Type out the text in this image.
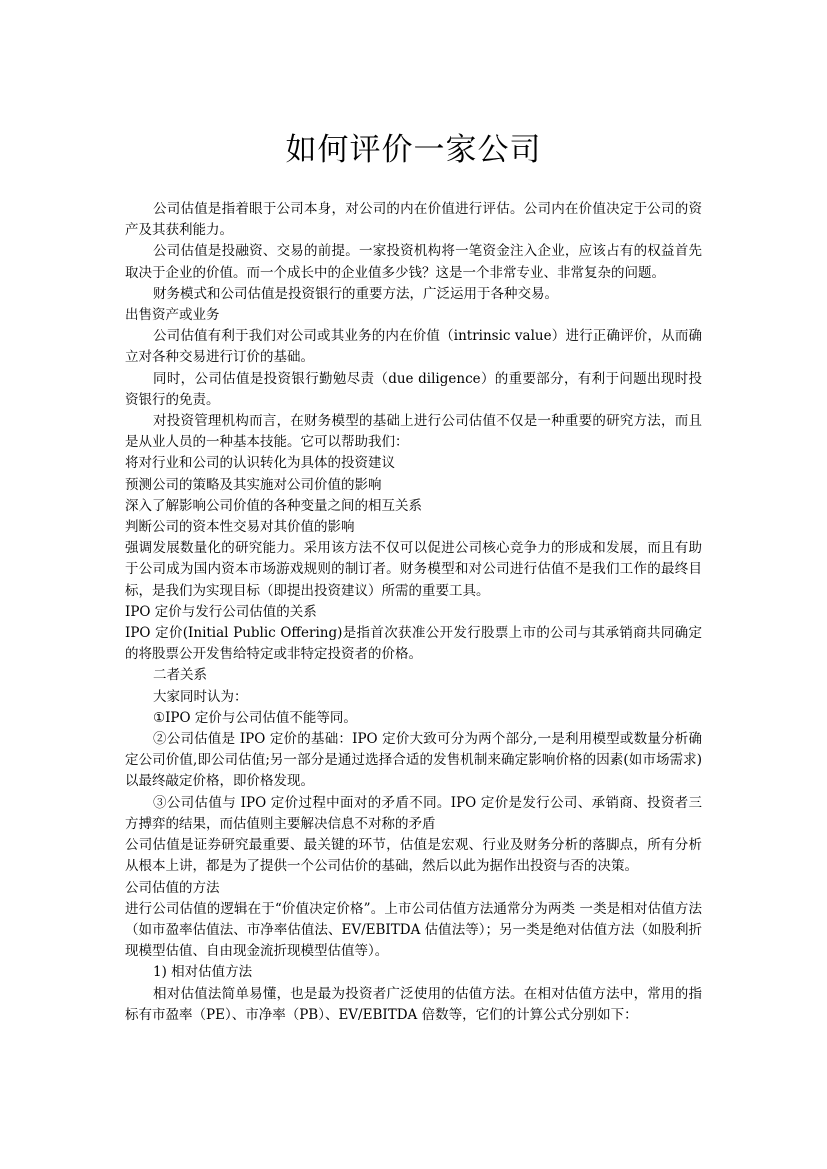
如何评价一家公司

公司估值是指着眼于公司本身，对公司的内在价值进行评估。公司内在价值决定于公司的资产及其获利能力。

公司估值是投融资、交易的前提。一家投资机构将一笔资金注入企业，应该占有的权益首先取决于企业的价值。而一个成长中的企业值多少钱？这是一个非常专业、非常复杂的问题。

财务模式和公司估值是投资银行的重要方法，广泛运用于各种交易。

出售资产或业务

公司估值有利于我们对公司或其业务的内在价值（intrinsic value）进行正确评价，从而确立对各种交易进行订价的基础。

同时，公司估值是投资银行勤勉尽责（due diligence）的重要部分，有利于问题出现时投资银行的免责。

对投资管理机构而言，在财务模型的基础上进行公司估值不仅是一种重要的研究方法，而且是从业人员的一种基本技能。它可以帮助我们：

将对行业和公司的认识转化为具体的投资建议

预测公司的策略及其实施对公司价值的影响

深入了解影响公司价值的各种变量之间的相互关系

判断公司的资本性交易对其价值的影响

强调发展数量化的研究能力。采用该方法不仅可以促进公司核心竞争力的形成和发展，而且有助于公司成为国内资本市场游戏规则的制订者。财务模型和对公司进行估值不是我们工作的最终目标，是我们为实现目标（即提出投资建议）所需的重要工具。

IPO 定价与发行公司估值的关系

IPO 定价(Initial Public Offering)是指首次获准公开发行股票上市的公司与其承销商共同确定的将股票公开发售给特定或非特定投资者的价格。

二者关系

大家同时认为：

①IPO 定价与公司估值不能等同。

②公司估值是 IPO 定价的基础：IPO 定价大致可分为两个部分,一是利用模型或数量分析确定公司价值,即公司估值;另一部分是通过选择合适的发售机制来确定影响价格的因素(如市场需求)以最终敲定价格，即价格发现。

③公司估值与 IPO 定价过程中面对的矛盾不同。IPO 定价是发行公司、承销商、投资者三方搏弈的结果，而估值则主要解决信息不对称的矛盾

公司估值是证券研究最重要、最关键的环节，估值是宏观、行业及财务分析的落脚点，所有分析从根本上讲，都是为了提供一个公司估价的基础，然后以此为据作出投资与否的决策。

公司估值的方法

进行公司估值的逻辑在于“价值决定价格”。上市公司估值方法通常分为两类 一类是相对估值方法（如市盈率估值法、市净率估值法、EV/EBITDA 估值法等）；另一类是绝对估值方法（如股利折现模型估值、自由现金流折现模型估值等）。

1) 相对估值方法

相对估值法简单易懂，也是最为投资者广泛使用的估值方法。在相对估值方法中，常用的指标有市盈率（PE）、市净率（PB）、EV/EBITDA 倍数等，它们的计算公式分别如下：
